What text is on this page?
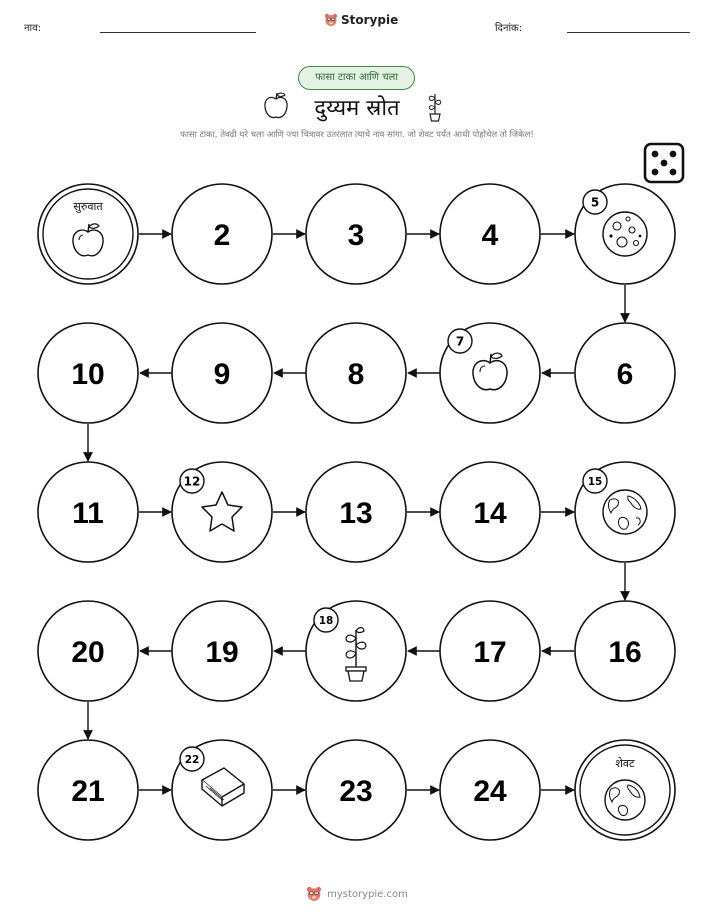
नाव:
Storypie
दिनांक:
फासा टाका आणि चला
दुय्यम स्रोत
फासा टाका, तेवढी घरे चला आणि ज्या चित्रावर उतरलात त्याचे नाव सांगा. जो शेवट पर्यंत आधी पोहोचेल तो जिंकेल!
सुरुवात
2	3	4
5
6
7
8
9
10
11
12
13	14
15
16
17
18
19
20
21
22
23	24
शेवट
mystorypie.com
